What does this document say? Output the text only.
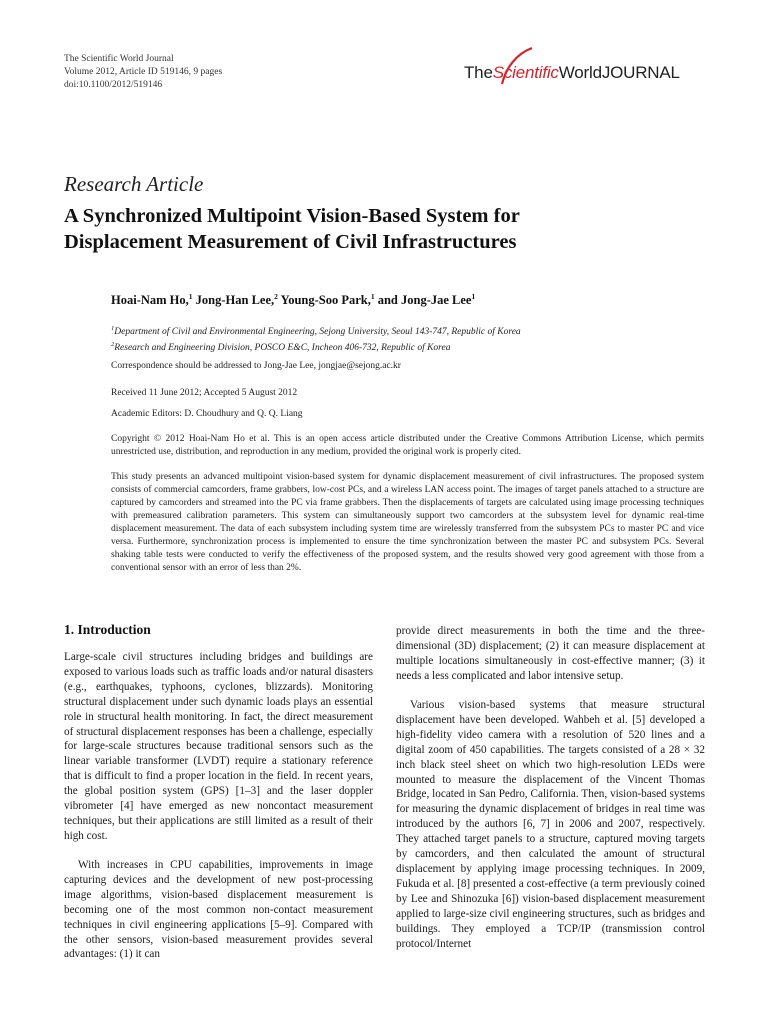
The Scientific World Journal
Volume 2012, Article ID 519146, 9 pages
doi:10.1100/2012/519146
TheScientificWorldJOURNAL
Research Article
A Synchronized Multipoint Vision-Based System for
Displacement Measurement of Civil Infrastructures
Hoai-Nam Ho,$^1$ Jong-Han Lee,$^2$ Young-Soo Park,$^1$ and Jong-Jae Lee$^1$
$^1$Department of Civil and Environmental Engineering, Sejong University, Seoul 143-747, Republic of Korea
$^2$Research and Engineering Division, POSCO E&C, Incheon 406-732, Republic of Korea
Correspondence should be addressed to Jong-Jae Lee, jongjae@sejong.ac.kr
Received 11 June 2012; Accepted 5 August 2012
Academic Editors: D. Choudhury and Q. Q. Liang
Copyright © 2012 Hoai-Nam Ho et al. This is an open access article distributed under the Creative Commons Attribution License, which permits unrestricted use, distribution, and reproduction in any medium, provided the original work is properly cited.
This study presents an advanced multipoint vision-based system for dynamic displacement measurement of civil infrastructures. The proposed system consists of commercial camcorders, frame grabbers, low-cost PCs, and a wireless LAN access point. The images of target panels attached to a structure are captured by camcorders and streamed into the PC via frame grabbers. Then the displacements of targets are calculated using image processing techniques with premeasured calibration parameters. This system can simultaneously support two camcorders at the subsystem level for dynamic real-time displacement measurement. The data of each subsystem including system time are wirelessly transferred from the subsystem PCs to master PC and vice versa. Furthermore, synchronization process is implemented to ensure the time synchronization between the master PC and subsystem PCs. Several shaking table tests were conducted to verify the effectiveness of the proposed system, and the results showed very good agreement with those from a conventional sensor with an error of less than 2%.
1. Introduction

Large-scale civil structures including bridges and buildings are exposed to various loads such as traffic loads and/or natural disasters (e.g., earthquakes, typhoons, cyclones, blizzards). Monitoring structural displacement under such dynamic loads plays an essential role in structural health monitoring. In fact, the direct measurement of structural displacement responses has been a challenge, especially for large-scale structures because traditional sensors such as the linear variable transformer (LVDT) require a stationary reference that is difficult to find a proper location in the field. In recent years, the global position system (GPS) [1–3] and the laser doppler vibrometer [4] have emerged as new noncontact measurement techniques, but their applications are still limited as a result of their high cost.

With increases in CPU capabilities, improvements in image capturing devices and the development of new post-processing image algorithms, vision-based displacement measurement is becoming one of the most common non-contact measurement techniques in civil engineering applications [5–9]. Compared with the other sensors, vision-based measurement provides several advantages: (1) it can

provide direct measurements in both the time and the three-dimensional (3D) displacement; (2) it can measure displacement at multiple locations simultaneously in cost-effective manner; (3) it needs a less complicated and labor intensive setup.

Various vision-based systems that measure structural displacement have been developed. Wahbeh et al. [5] developed a high-fidelity video camera with a resolution of 520 lines and a digital zoom of 450 capabilities. The targets consisted of a 28 × 32 inch black steel sheet on which two high-resolution LEDs were mounted to measure the displacement of the Vincent Thomas Bridge, located in San Pedro, California. Then, vision-based systems for measuring the dynamic displacement of bridges in real time was introduced by the authors [6, 7] in 2006 and 2007, respectively. They attached target panels to a structure, captured moving targets by camcorders, and then calculated the amount of structural displacement by applying image processing techniques. In 2009, Fukuda et al. [8] presented a cost-effective (a term previously coined by Lee and Shinozuka [6]) vision-based displacement measurement applied to large-size civil engineering structures, such as bridges and buildings. They employed a TCP/IP (transmission control protocol/Internet
